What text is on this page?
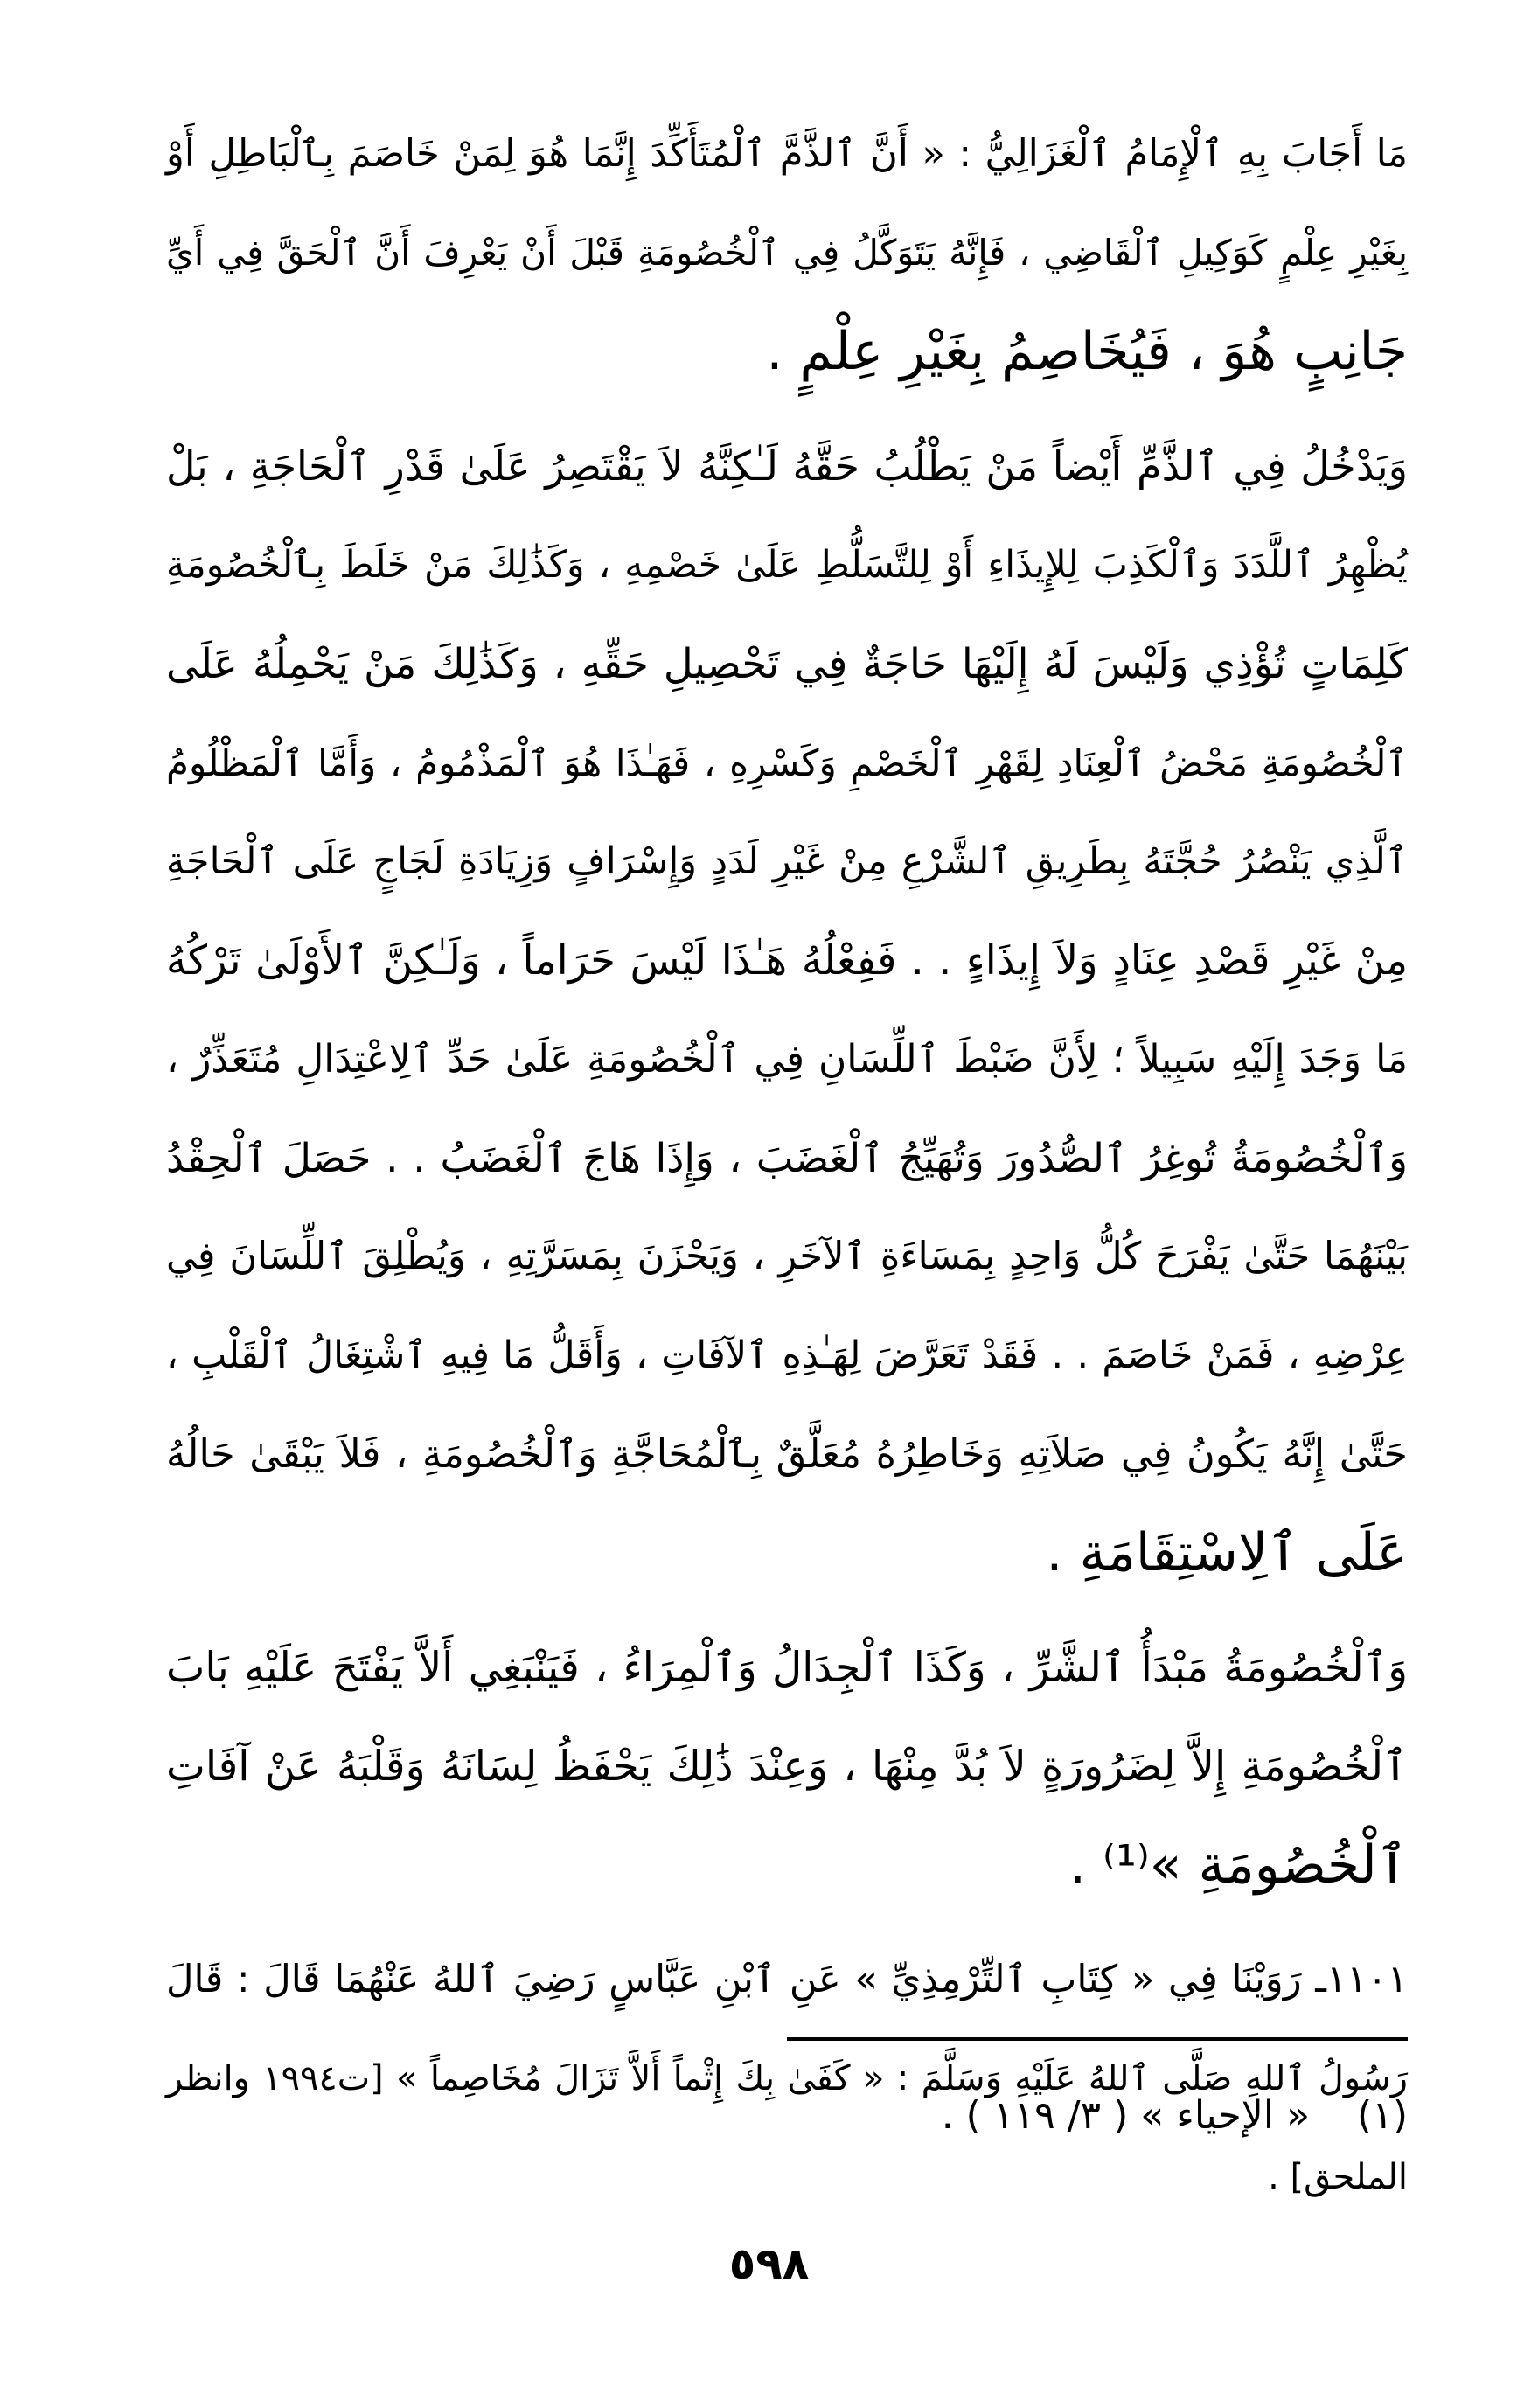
مَا أَجَابَ بِهِ ٱلْإِمَامُ ٱلْغَزَالِيُّ : « أَنَّ ٱلذَّمَّ ٱلْمُتَأَكِّدَ إِنَّمَا هُوَ لِمَنْ خَاصَمَ بِٱلْبَاطِلِ أَوْ
بِغَيْرِ عِلْمٍ كَوَكِيلِ ٱلْقَاضِي ، فَإِنَّهُ يَتَوَكَّلُ فِي ٱلْخُصُومَةِ قَبْلَ أَنْ يَعْرِفَ أَنَّ ٱلْحَقَّ فِي أَيِّ
جَانِبٍ هُوَ ، فَيُخَاصِمُ بِغَيْرِ عِلْمٍ .
وَيَدْخُلُ فِي ٱلذَّمِّ أَيْضاً مَنْ يَطْلُبُ حَقَّهُ لَـٰكِنَّهُ لاَ يَقْتَصِرُ عَلَىٰ قَدْرِ ٱلْحَاجَةِ ، بَلْ
يُظْهِرُ ٱللَّدَدَ وَٱلْكَذِبَ لِلإِيذَاءِ أَوْ لِلتَّسَلُّطِ عَلَىٰ خَصْمِهِ ، وَكَذَٰلِكَ مَنْ خَلَطَ بِٱلْخُصُومَةِ
كَلِمَاتٍ تُؤْذِي وَلَيْسَ لَهُ إِلَيْهَا حَاجَةٌ فِي تَحْصِيلِ حَقِّهِ ، وَكَذَٰلِكَ مَنْ يَحْمِلُهُ عَلَى
ٱلْخُصُومَةِ مَحْضُ ٱلْعِنَادِ لِقَهْرِ ٱلْخَصْمِ وَكَسْرِهِ ، فَهَـٰذَا هُوَ ٱلْمَذْمُومُ ، وَأَمَّا ٱلْمَظْلُومُ
ٱلَّذِي يَنْصُرُ حُجَّتَهُ بِطَرِيقِ ٱلشَّرْعِ مِنْ غَيْرِ لَدَدٍ وَإِسْرَافٍ وَزِيَادَةِ لَجَاجٍ عَلَى ٱلْحَاجَةِ
مِنْ غَيْرِ قَصْدِ عِنَادٍ وَلاَ إِيذَاءٍ . . فَفِعْلُهُ هَـٰذَا لَيْسَ حَرَاماً ، وَلَـٰكِنَّ ٱلأَوْلَىٰ تَرْكُهُ
مَا وَجَدَ إِلَيْهِ سَبِيلاً ؛ لِأَنَّ ضَبْطَ ٱللِّسَانِ فِي ٱلْخُصُومَةِ عَلَىٰ حَدِّ ٱلِاعْتِدَالِ مُتَعَذِّرٌ ،
وَٱلْخُصُومَةُ تُوغِرُ ٱلصُّدُورَ وَتُهَيِّجُ ٱلْغَضَبَ ، وَإِذَا هَاجَ ٱلْغَضَبُ . . حَصَلَ ٱلْحِقْدُ
بَيْنَهُمَا حَتَّىٰ يَفْرَحَ كُلُّ وَاحِدٍ بِمَسَاءَةِ ٱلآخَرِ ، وَيَحْزَنَ بِمَسَرَّتِهِ ، وَيُطْلِقَ ٱللِّسَانَ فِي
عِرْضِهِ ، فَمَنْ خَاصَمَ . . فَقَدْ تَعَرَّضَ لِهَـٰذِهِ ٱلآفَاتِ ، وَأَقَلُّ مَا فِيهِ ٱشْتِغَالُ ٱلْقَلْبِ ،
حَتَّىٰ إِنَّهُ يَكُونُ فِي صَلاَتِهِ وَخَاطِرُهُ مُعَلَّقٌ بِٱلْمُحَاجَّةِ وَٱلْخُصُومَةِ ، فَلاَ يَبْقَىٰ حَالُهُ
عَلَى ٱلِاسْتِقَامَةِ .
وَٱلْخُصُومَةُ مَبْدَأُ ٱلشَّرِّ ، وَكَذَا ٱلْجِدَالُ وَٱلْمِرَاءُ ، فَيَنْبَغِي أَلاَّ يَفْتَحَ عَلَيْهِ بَابَ
ٱلْخُصُومَةِ إِلاَّ لِضَرُورَةٍ لاَ بُدَّ مِنْهَا ، وَعِنْدَ ذَٰلِكَ يَحْفَظُ لِسَانَهُ وَقَلْبَهُ عَنْ آفَاتِ
ٱلْخُصُومَةِ »⁽¹⁾ .
١١٠١ـ رَوَيْنَا فِي « كِتَابِ ٱلتِّرْمِذِيِّ » عَنِ ٱبْنِ عَبَّاسٍ رَضِيَ ٱللهُ عَنْهُمَا قَالَ : قَالَ
رَسُولُ ٱللهِ صَلَّى ٱللهُ عَلَيْهِ وَسَلَّمَ : « كَفَىٰ بِكَ إِثْماً أَلاَّ تَزَالَ مُخَاصِماً » [ت١٩٩٤ وانظر
الملحق] .
(١) « الإحياء » ( ٣/ ١١٩ ) .
٥٩٨
